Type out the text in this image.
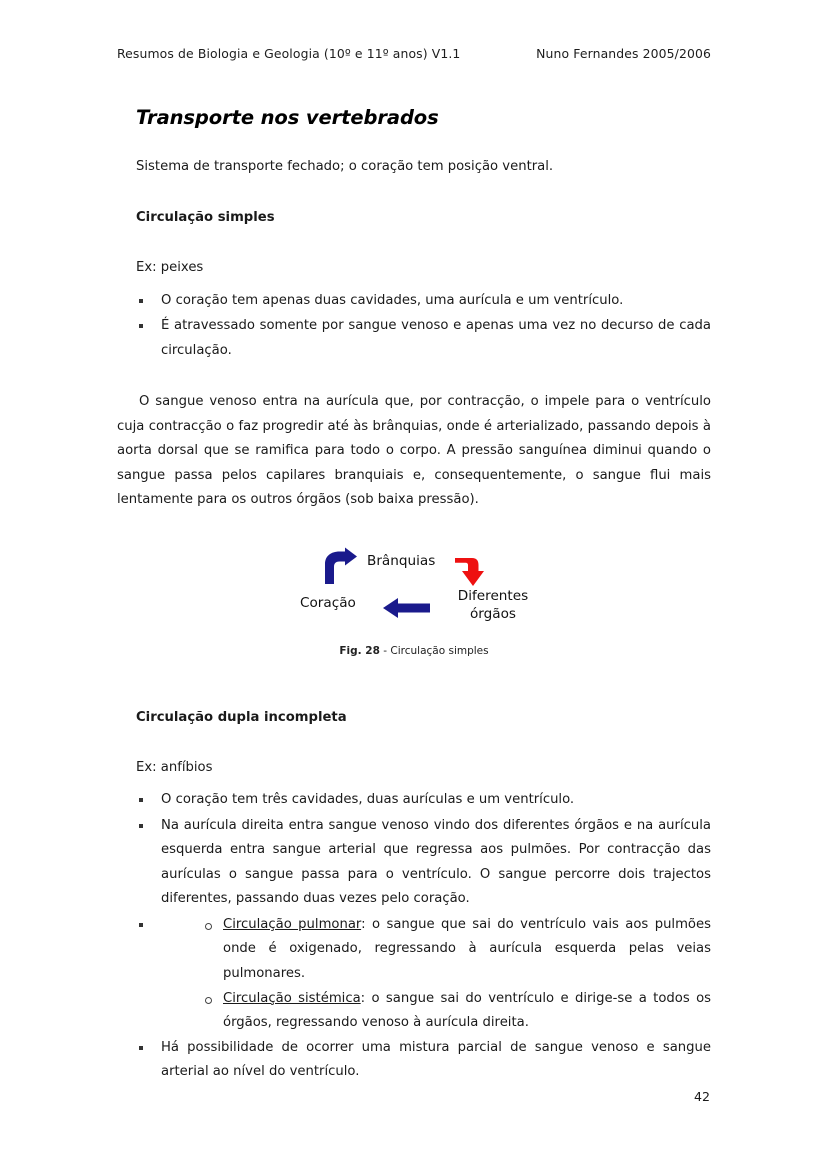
Resumos de Biologia e Geologia (10º e 11º anos) V1.1	Nuno Fernandes 2005/2006
Transporte nos vertebrados

Sistema de transporte fechado; o coração tem posição ventral.

Circulação simples

Ex: peixes

O coração tem apenas duas cavidades, uma aurícula e um ventrículo.
É atravessado somente por sangue venoso e apenas uma vez no decurso de cada circulação.

O sangue venoso entra na aurícula que, por contracção, o impele para o ventrículo cuja contracção o faz progredir até às brânquias, onde é arterializado, passando depois à aorta dorsal que se ramifica para todo o corpo. A pressão sanguínea diminui quando o sangue passa pelos capilares branquiais e, consequentemente, o sangue flui mais lentamente para os outros órgãos (sob baixa pressão).

Coração
Brânquias
Diferentes
órgãos
Fig. 28 - Circulação simples
Circulação dupla incompleta

Ex: anfíbios

O coração tem três cavidades, duas aurículas e um ventrículo.
Na aurícula direita entra sangue venoso vindo dos diferentes órgãos e na aurícula esquerda entra sangue arterial que regressa aos pulmões. Por contracção das aurículas o sangue passa para o ventrículo. O sangue percorre dois trajectos diferentes, passando duas vezes pelo coração.
Circulação pulmonar: o sangue que sai do ventrículo vais aos pulmões onde é oxigenado, regressando à aurícula esquerda pelas veias pulmonares.
Circulação sistémica: o sangue sai do ventrículo e dirige-se a todos os órgãos, regressando venoso à aurícula direita.
Há possibilidade de ocorrer uma mistura parcial de sangue venoso e sangue arterial ao nível do ventrículo.
42
